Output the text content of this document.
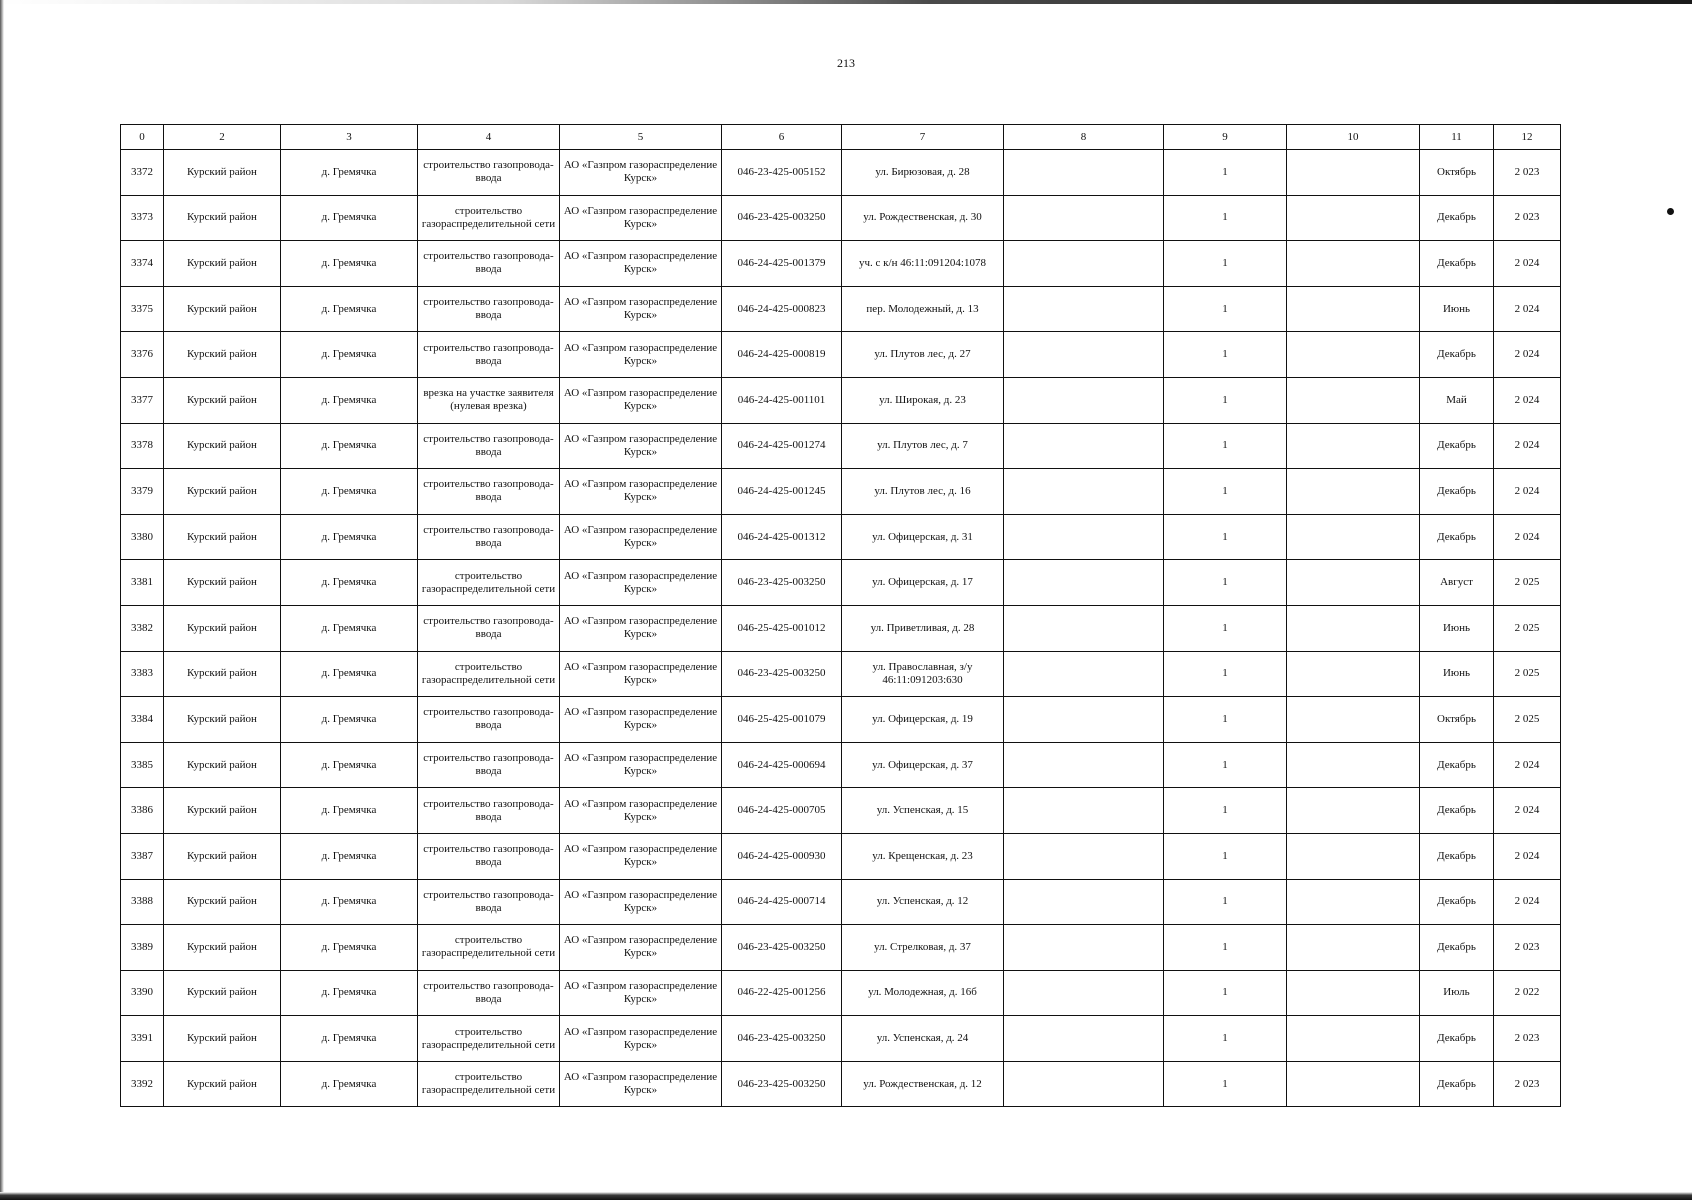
213
0	2	3	4	5	6	7	8	9	10	11	12
3372	Курский район	д. Гремячка	строительство газопровода-ввода	АО «Газпром газораспределение Курск»	046-23-425-005152	ул. Бирюзовая, д. 28		1		Октябрь	2 023
3373	Курский район	д. Гремячка	строительство газораспределительной сети	АО «Газпром газораспределение Курск»	046-23-425-003250	ул. Рождественская, д. 30		1		Декабрь	2 023
3374	Курский район	д. Гремячка	строительство газопровода-ввода	АО «Газпром газораспределение Курск»	046-24-425-001379	уч. с к/н 46:11:091204:1078		1		Декабрь	2 024
3375	Курский район	д. Гремячка	строительство газопровода-ввода	АО «Газпром газораспределение Курск»	046-24-425-000823	пер. Молодежный, д. 13		1		Июнь	2 024
3376	Курский район	д. Гремячка	строительство газопровода-ввода	АО «Газпром газораспределение Курск»	046-24-425-000819	ул. Плутов лес, д. 27		1		Декабрь	2 024
3377	Курский район	д. Гремячка	врезка на участке заявителя (нулевая врезка)	АО «Газпром газораспределение Курск»	046-24-425-001101	ул. Широкая, д. 23		1		Май	2 024
3378	Курский район	д. Гремячка	строительство газопровода-ввода	АО «Газпром газораспределение Курск»	046-24-425-001274	ул. Плутов лес, д. 7		1		Декабрь	2 024
3379	Курский район	д. Гремячка	строительство газопровода-ввода	АО «Газпром газораспределение Курск»	046-24-425-001245	ул. Плутов лес, д. 16		1		Декабрь	2 024
3380	Курский район	д. Гремячка	строительство газопровода-ввода	АО «Газпром газораспределение Курск»	046-24-425-001312	ул. Офицерская, д. 31		1		Декабрь	2 024
3381	Курский район	д. Гремячка	строительство газораспределительной сети	АО «Газпром газораспределение Курск»	046-23-425-003250	ул. Офицерская, д. 17		1		Август	2 025
3382	Курский район	д. Гремячка	строительство газопровода-ввода	АО «Газпром газораспределение Курск»	046-25-425-001012	ул. Приветливая, д. 28		1		Июнь	2 025
3383	Курский район	д. Гремячка	строительство газораспределительной сети	АО «Газпром газораспределение Курск»	046-23-425-003250	ул. Православная, з/у 46:11:091203:630		1		Июнь	2 025
3384	Курский район	д. Гремячка	строительство газопровода-ввода	АО «Газпром газораспределение Курск»	046-25-425-001079	ул. Офицерская, д. 19		1		Октябрь	2 025
3385	Курский район	д. Гремячка	строительство газопровода-ввода	АО «Газпром газораспределение Курск»	046-24-425-000694	ул. Офицерская, д. 37		1		Декабрь	2 024
3386	Курский район	д. Гремячка	строительство газопровода-ввода	АО «Газпром газораспределение Курск»	046-24-425-000705	ул. Успенская, д. 15		1		Декабрь	2 024
3387	Курский район	д. Гремячка	строительство газопровода-ввода	АО «Газпром газораспределение Курск»	046-24-425-000930	ул. Крещенская, д. 23		1		Декабрь	2 024
3388	Курский район	д. Гремячка	строительство газопровода-ввода	АО «Газпром газораспределение Курск»	046-24-425-000714	ул. Успенская, д. 12		1		Декабрь	2 024
3389	Курский район	д. Гремячка	строительство газораспределительной сети	АО «Газпром газораспределение Курск»	046-23-425-003250	ул. Стрелковая, д. 37		1		Декабрь	2 023
3390	Курский район	д. Гремячка	строительство газопровода-ввода	АО «Газпром газораспределение Курск»	046-22-425-001256	ул. Молодежная, д. 16б		1		Июль	2 022
3391	Курский район	д. Гремячка	строительство газораспределительной сети	АО «Газпром газораспределение Курск»	046-23-425-003250	ул. Успенская, д. 24		1		Декабрь	2 023
3392	Курский район	д. Гремячка	строительство газораспределительной сети	АО «Газпром газораспределение Курск»	046-23-425-003250	ул. Рождественская, д. 12		1		Декабрь	2 023
